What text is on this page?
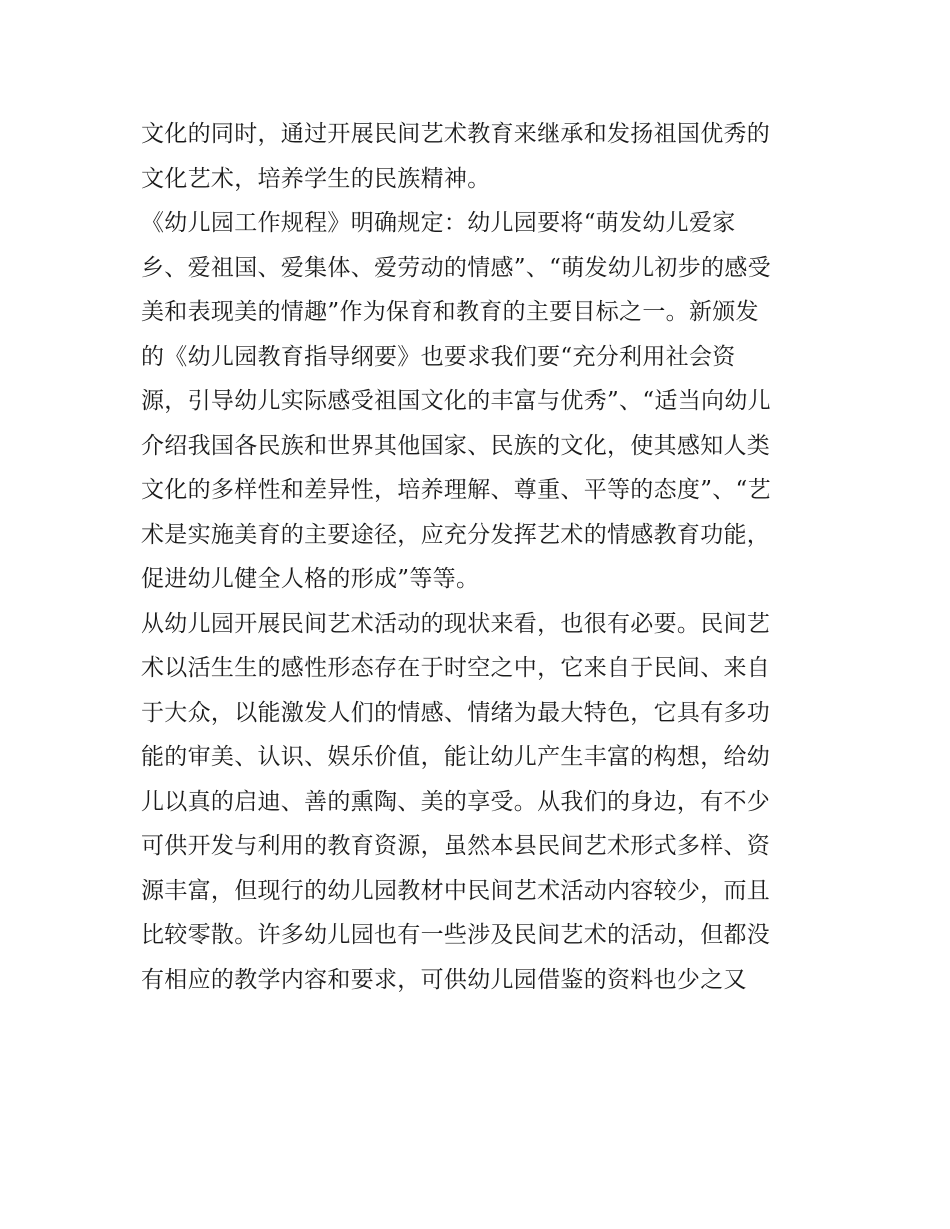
文化的同时，通过开展民间艺术教育来继承和发扬祖国优秀的
文化艺术，培养学生的民族精神。
《幼儿园工作规程》明确规定：幼儿园要将“萌发幼儿爱家
乡、爱祖国、爱集体、爱劳动的情感”、“萌发幼儿初步的感受
美和表现美的情趣”作为保育和教育的主要目标之一。新颁发
的《幼儿园教育指导纲要》也要求我们要“充分利用社会资
源，引导幼儿实际感受祖国文化的丰富与优秀”、“适当向幼儿
介绍我国各民族和世界其他国家、民族的文化，使其感知人类
文化的多样性和差异性，培养理解、尊重、平等的态度”、“艺
术是实施美育的主要途径，应充分发挥艺术的情感教育功能，
促进幼儿健全人格的形成”等等。
从幼儿园开展民间艺术活动的现状来看，也很有必要。民间艺
术以活生生的感性形态存在于时空之中，它来自于民间、来自
于大众，以能激发人们的情感、情绪为最大特色，它具有多功
能的审美、认识、娱乐价值，能让幼儿产生丰富的构想，给幼
儿以真的启迪、善的熏陶、美的享受。从我们的身边，有不少
可供开发与利用的教育资源，虽然本县民间艺术形式多样、资
源丰富，但现行的幼儿园教材中民间艺术活动内容较少，而且
比较零散。许多幼儿园也有一些涉及民间艺术的活动，但都没
有相应的教学内容和要求，可供幼儿园借鉴的资料也少之又
